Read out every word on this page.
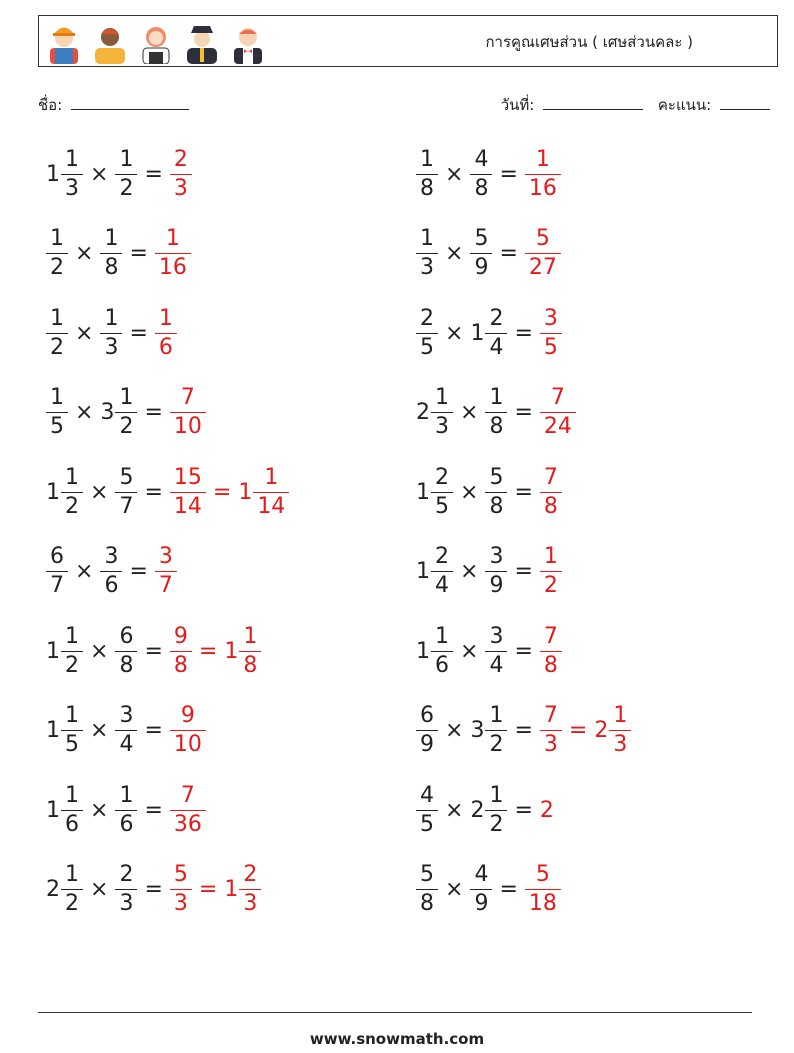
การคูณเศษส่วน ( เศษส่วนคละ )
ชื่อ:	วันที่:	คะแนน:
$1 \frac{1}{3} \times \frac{1}{2} = \frac{2}{3}$	$\frac{1}{8} \times \frac{4}{8} = \frac{1}{16}$
$\frac{1}{2} \times \frac{1}{8} = \frac{1}{16}$	$\frac{1}{3} \times \frac{5}{9} = \frac{5}{27}$
$\frac{1}{2} \times \frac{1}{3} = \frac{1}{6}$	$\frac{2}{5} \times 1 \frac{2}{4} = \frac{3}{5}$
$\frac{1}{5} \times 3 \frac{1}{2} = \frac{7}{10}$	$2 \frac{1}{3} \times \frac{1}{8} = \frac{7}{24}$
$1 \frac{1}{2} \times \frac{5}{7} = \frac{15}{14} = 1 \frac{1}{14}$	$1 \frac{2}{5} \times \frac{5}{8} = \frac{7}{8}$
$\frac{6}{7} \times \frac{3}{6} = \frac{3}{7}$	$1 \frac{2}{4} \times \frac{3}{9} = \frac{1}{2}$
$1 \frac{1}{2} \times \frac{6}{8} = \frac{9}{8} = 1 \frac{1}{8}$	$1 \frac{1}{6} \times \frac{3}{4} = \frac{7}{8}$
$1 \frac{1}{5} \times \frac{3}{4} = \frac{9}{10}$	$\frac{6}{9} \times 3 \frac{1}{2} = \frac{7}{3} = 2 \frac{1}{3}$
$1 \frac{1}{6} \times \frac{1}{6} = \frac{7}{36}$	$\frac{4}{5} \times 2 \frac{1}{2} = 2$
$2 \frac{1}{2} \times \frac{2}{3} = \frac{5}{3} = 1 \frac{2}{3}$	$\frac{5}{8} \times \frac{4}{9} = \frac{5}{18}$
www.snowmath.com
